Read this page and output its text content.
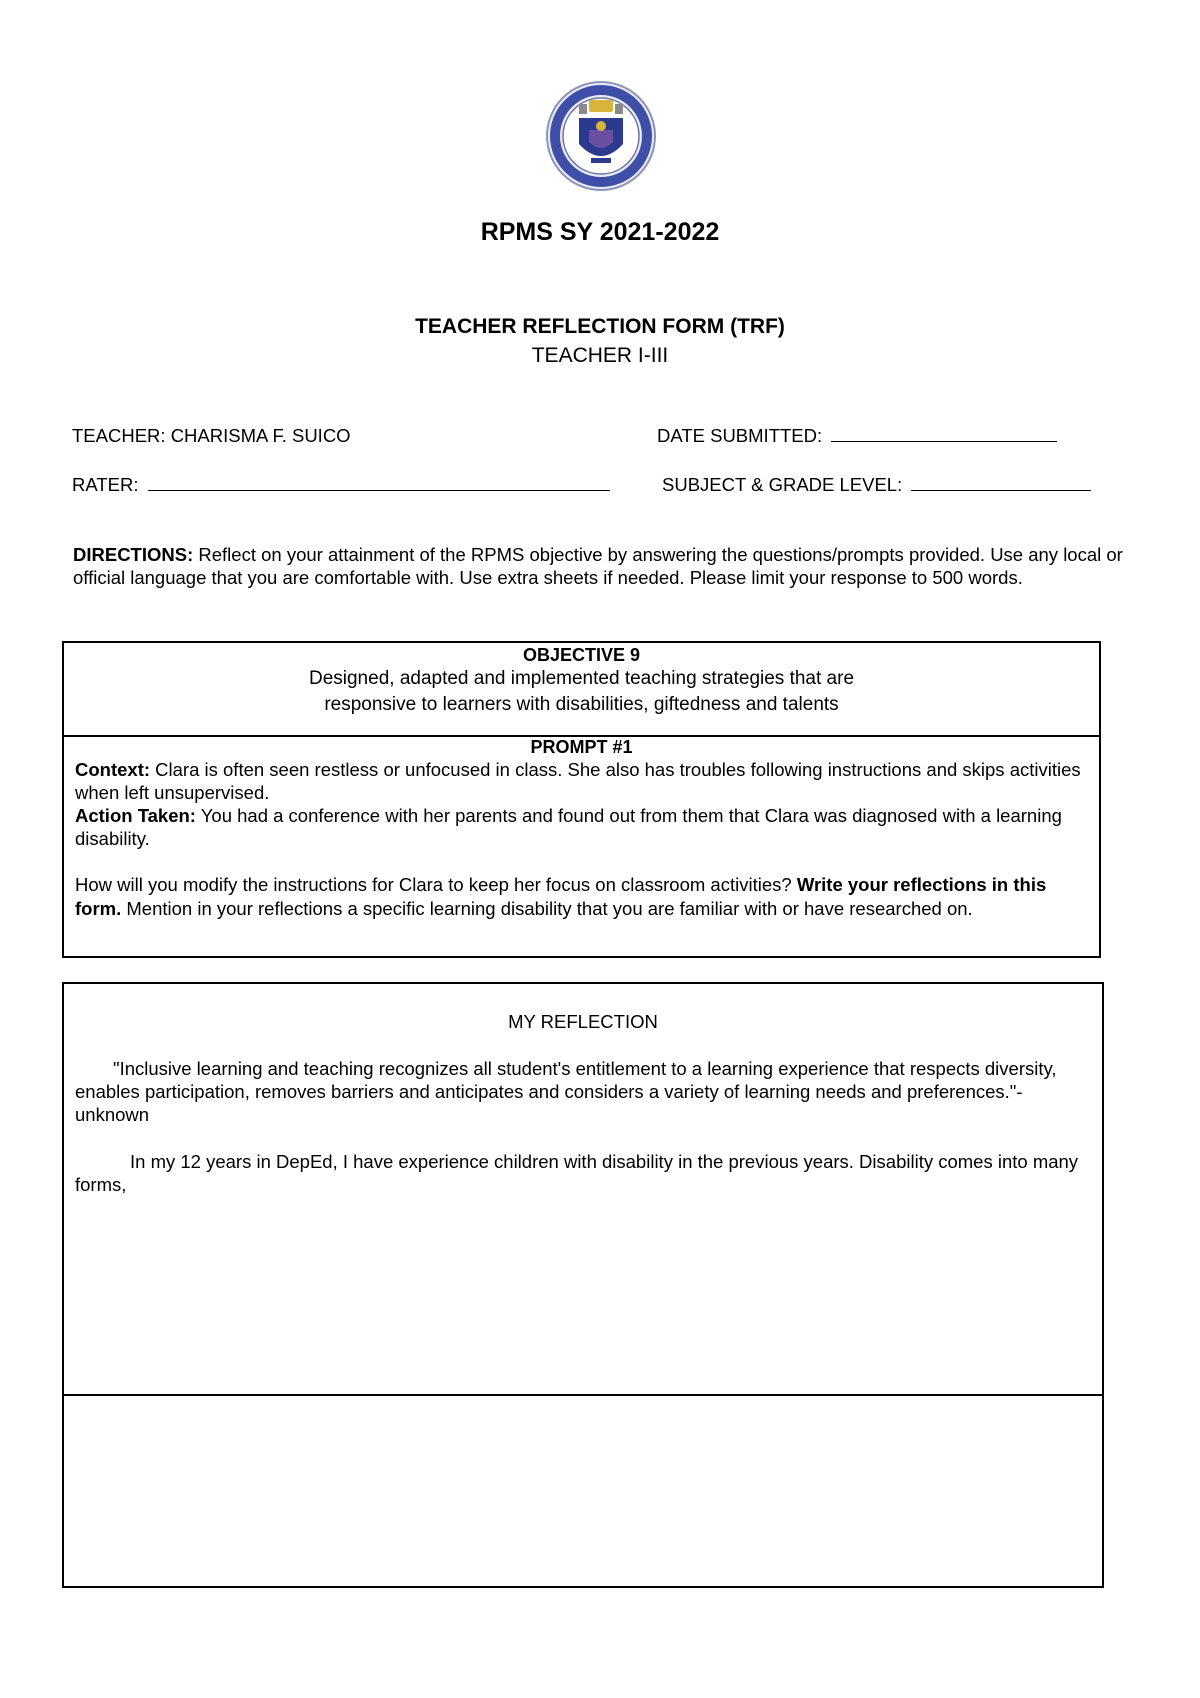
RPMS SY 2021-2022
TEACHER REFLECTION FORM (TRF)
TEACHER I-III
TEACHER: CHARISMA F. SUICO	DATE SUBMITTED:
RATER:	SUBJECT & GRADE LEVEL:
DIRECTIONS: Reflect on your attainment of the RPMS objective by answering the questions/prompts provided. Use any local or official language that you are comfortable with. Use extra sheets if needed. Please limit your response to 500 words.
OBJECTIVE 9
Designed, adapted and implemented teaching strategies that are
responsive to learners with disabilities, giftedness and talents
PROMPT #1

Context: Clara is often seen restless or unfocused in class. She also has troubles following instructions and skips activities when left unsupervised.

Action Taken: You had a conference with her parents and found out from them that Clara was diagnosed with a learning disability.

How will you modify the instructions for Clara to keep her focus on classroom activities? Write your reflections in this form. Mention in your reflections a specific learning disability that you are familiar with or have researched on.

MY REFLECTION

"Inclusive learning and teaching recognizes all student's entitlement to a learning experience that respects diversity, enables participation, removes barriers and anticipates and considers a variety of learning needs and preferences."-unknown

In my 12 years in DepEd, I have experience children with disability in the previous years. Disability comes into many forms,
